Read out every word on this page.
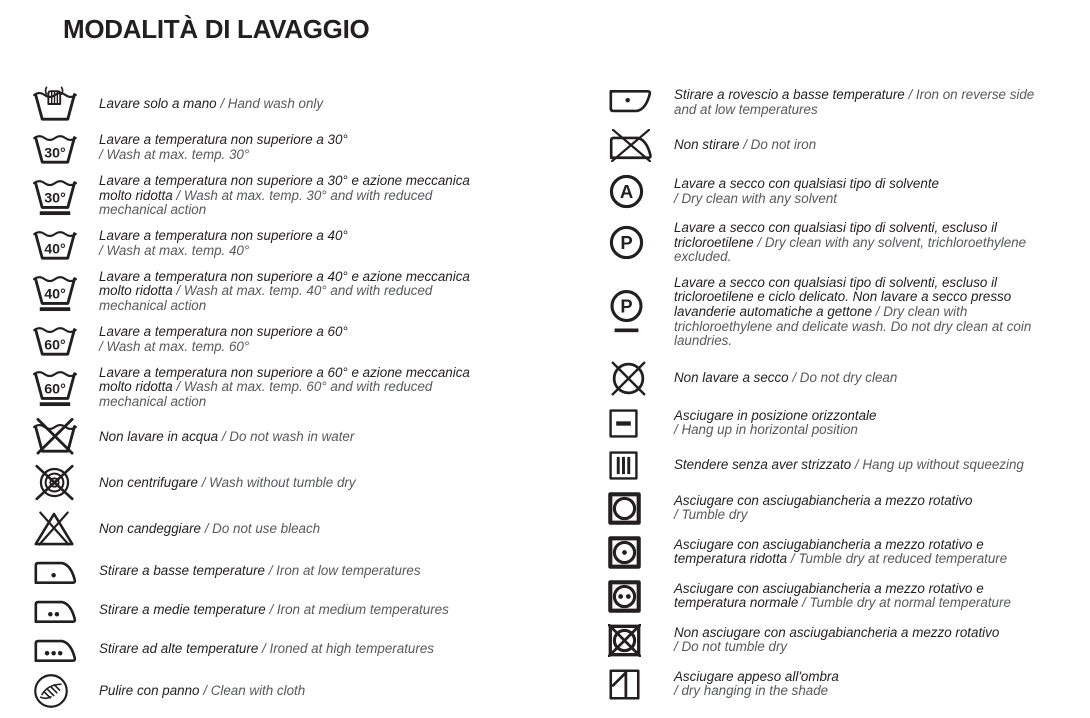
MODALITÀ DI LAVAGGIO

Lavare solo a mano / Hand wash only

30°

Lavare a temperatura non superiore a 30°
/ Wash at max. temp. 30°

30°

Lavare a temperatura non superiore a 30° e azione meccanica molto ridotta / Wash at max. temp. 30° and with reduced mechanical action

40°

Lavare a temperatura non superiore a 40°
/ Wash at max. temp. 40°

40°

Lavare a temperatura non superiore a 40° e azione meccanica molto ridotta / Wash at max. temp. 40° and with reduced mechanical action

60°

Lavare a temperatura non superiore a 60°
/ Wash at max. temp. 60°

60°

Lavare a temperatura non superiore a 60° e azione meccanica molto ridotta / Wash at max. temp. 60° and with reduced mechanical action

Non lavare in acqua / Do not wash in water

Non centrifugare / Wash without tumble dry

Non candeggiare / Do not use bleach

Stirare a basse temperature / Iron at low temperatures

Stirare a medie temperature / Iron at medium temperatures

Stirare ad alte temperature / Ironed at high temperatures

Pulire con panno / Clean with cloth

Stirare a rovescio a basse temperature / Iron on reverse side and at low temperatures

Non stirare / Do not iron

A	Lavare a secco con qualsiasi tipo di solvente
/ Dry clean with any solvent

P

Lavare a secco con qualsiasi tipo di solventi, escluso il tricloroetilene / Dry clean with any solvent, trichloroethylene excluded.

P

Lavare a secco con qualsiasi tipo di solventi, escluso il tricloroetilene e ciclo delicato. Non lavare a secco presso lavanderie automatiche a gettone / Dry clean with trichloroethylene and delicate wash. Do not dry clean at coin laundries.

Non lavare a secco / Do not dry clean

Asciugare in posizione orizzontale
/ Hang up in horizontal position

Stendere senza aver strizzato / Hang up without squeezing

Asciugare con asciugabiancheria a mezzo rotativo
/ Tumble dry

Asciugare con asciugabiancheria a mezzo rotativo e temperatura ridotta / Tumble dry at reduced temperature

Asciugare con asciugabiancheria a mezzo rotativo e temperatura normale / Tumble dry at normal temperature

Non asciugare con asciugabiancheria a mezzo rotativo
/ Do not tumble dry

Asciugare appeso all'ombra
/ dry hanging in the shade
